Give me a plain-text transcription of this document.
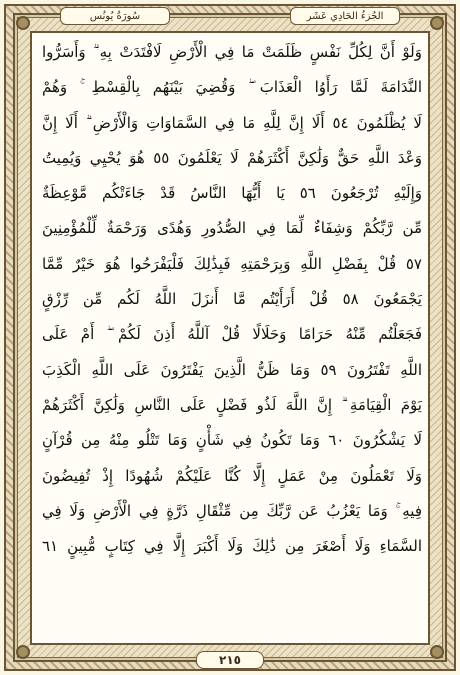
الجُزءُ الحَادِي عَشَر
سُورَةُ يُونُس
وَلَوْ أَنَّ لِكُلِّ نَفْسٍ ظَلَمَتْ مَا فِي الْأَرْضِ لَافْتَدَتْ بِهِ ۗ وَأَسَرُّوا
النَّدَامَةَ لَمَّا رَأَوُا الْعَذَابَ ۖ وَقُضِيَ بَيْنَهُم بِالْقِسْطِ ۚ وَهُمْ
لَا يُظْلَمُونَ ٥٤ أَلَا إِنَّ لِلَّهِ مَا فِي السَّمَاوَاتِ وَالْأَرْضِ ۗ أَلَا إِنَّ
وَعْدَ اللَّهِ حَقٌّ وَلَٰكِنَّ أَكْثَرَهُمْ لَا يَعْلَمُونَ ٥٥ هُوَ يُحْيِي وَيُمِيتُ
وَإِلَيْهِ تُرْجَعُونَ ٥٦ يَا أَيُّهَا النَّاسُ قَدْ جَاءَتْكُم مَّوْعِظَةٌ
مِّن رَّبِّكُمْ وَشِفَاءٌ لِّمَا فِي الصُّدُورِ وَهُدًى وَرَحْمَةٌ لِّلْمُؤْمِنِينَ
٥٧ قُلْ بِفَضْلِ اللَّهِ وَبِرَحْمَتِهِ فَبِذَٰلِكَ فَلْيَفْرَحُوا هُوَ خَيْرٌ مِّمَّا
يَجْمَعُونَ ٥٨ قُلْ أَرَأَيْتُم مَّا أَنزَلَ اللَّهُ لَكُم مِّن رِّزْقٍ
فَجَعَلْتُم مِّنْهُ حَرَامًا وَحَلَالًا قُلْ آللَّهُ أَذِنَ لَكُمْ ۖ أَمْ عَلَى
اللَّهِ تَفْتَرُونَ ٥٩ وَمَا ظَنُّ الَّذِينَ يَفْتَرُونَ عَلَى اللَّهِ الْكَذِبَ
يَوْمَ الْقِيَامَةِ ۗ إِنَّ اللَّهَ لَذُو فَضْلٍ عَلَى النَّاسِ وَلَٰكِنَّ أَكْثَرَهُمْ
لَا يَشْكُرُونَ ٦٠ وَمَا تَكُونُ فِي شَأْنٍ وَمَا تَتْلُو مِنْهُ مِن قُرْآنٍ
وَلَا تَعْمَلُونَ مِنْ عَمَلٍ إِلَّا كُنَّا عَلَيْكُمْ شُهُودًا إِذْ تُفِيضُونَ
فِيهِ ۚ وَمَا يَعْزُبُ عَن رَّبِّكَ مِن مِّثْقَالِ ذَرَّةٍ فِي الْأَرْضِ وَلَا فِي
السَّمَاءِ وَلَا أَصْغَرَ مِن ذَٰلِكَ وَلَا أَكْبَرَ إِلَّا فِي كِتَابٍ مُّبِينٍ ٦١
٢١٥
